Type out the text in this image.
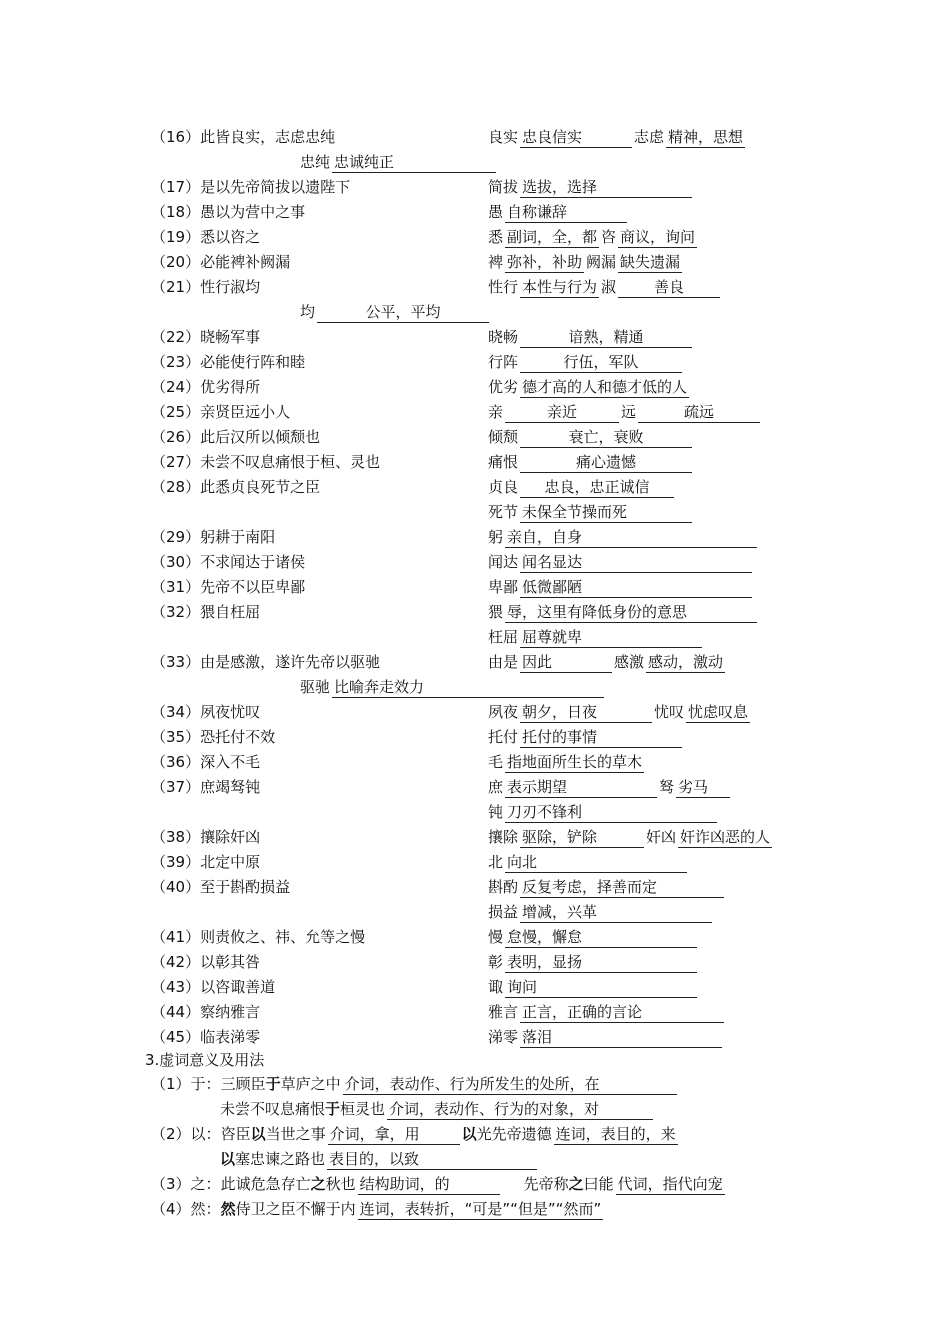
（16）此皆良实，志虑忠纯	良实 忠良信实	志虑 精神，思想
忠纯 忠诚纯正
（17）是以先帝简拔以遗陛下	简拔 选拔，选择
（18）愚以为营中之事	愚 自称谦辞
（19）悉以咨之	悉 副词，全，都 咨 商议，询问
（20）必能裨补阙漏	裨 弥补，补助 阙漏 缺失遗漏
（21）性行淑均	性行 本性与行为 淑	善良
均	公平，平均
（22）晓畅军事	晓畅	谙熟，精通
（23）必能使行阵和睦	行阵	行伍，军队
（24）优劣得所	优劣 德才高的人和德才低的人
（25）亲贤臣远小人	亲	亲近	远	疏远
（26）此后汉所以倾颓也	倾颓	衰亡，衰败
（27）未尝不叹息痛恨于桓、灵也	痛恨	痛心遗憾
（28）此悉贞良死节之臣	贞良 忠良，忠正诚信
死节 未保全节操而死
（29）躬耕于南阳	躬 亲自，自身
（30）不求闻达于诸侯	闻达 闻名显达
（31）先帝不以臣卑鄙	卑鄙 低微鄙陋
（32）猥自枉屈	猥 辱，这里有降低身份的意思
枉屈 屈尊就卑
（33）由是感激，遂许先帝以驱驰	由是 因此	感激 感动，激动
驱驰 比喻奔走效力
（34）夙夜忧叹	夙夜 朝夕，日夜	忧叹 忧虑叹息
（35）恐托付不效	托付 托付的事情
（36）深入不毛	毛 指地面所生长的草木
（37）庶竭驽钝	庶 表示期望	驽 劣马
钝 刀刃不锋利
（38）攘除奸凶	攘除 驱除，铲除	奸凶 奸诈凶恶的人
（39）北定中原	北 向北
（40）至于斟酌损益	斟酌 反复考虑，择善而定
损益 增减，兴革
（41）则责攸之、祎、允等之慢	慢 怠慢，懈怠
（42）以彰其咎	彰 表明，显扬
（43）以咨诹善道	诹 询问
（44）察纳雅言	雅言 正言，正确的言论
（45）临表涕零	涕零 落泪
3.虚词意义及用法
（1）于：三顾臣于草庐之中 介词，表动作、行为所发生的处所，在
未尝不叹息痛恨于桓灵也 介词，表动作、行为的对象，对
（2）以：咨臣以当世之事 介词，拿，用	以光先帝遗德 连词，表目的，来
以塞忠谏之路也 表目的，以致
（3）之：此诚危急存亡之秋也 结构助词，的	先帝称之曰能 代词，指代向宠
（4）然：然侍卫之臣不懈于内 连词，表转折，“可是”“但是”“然而”
